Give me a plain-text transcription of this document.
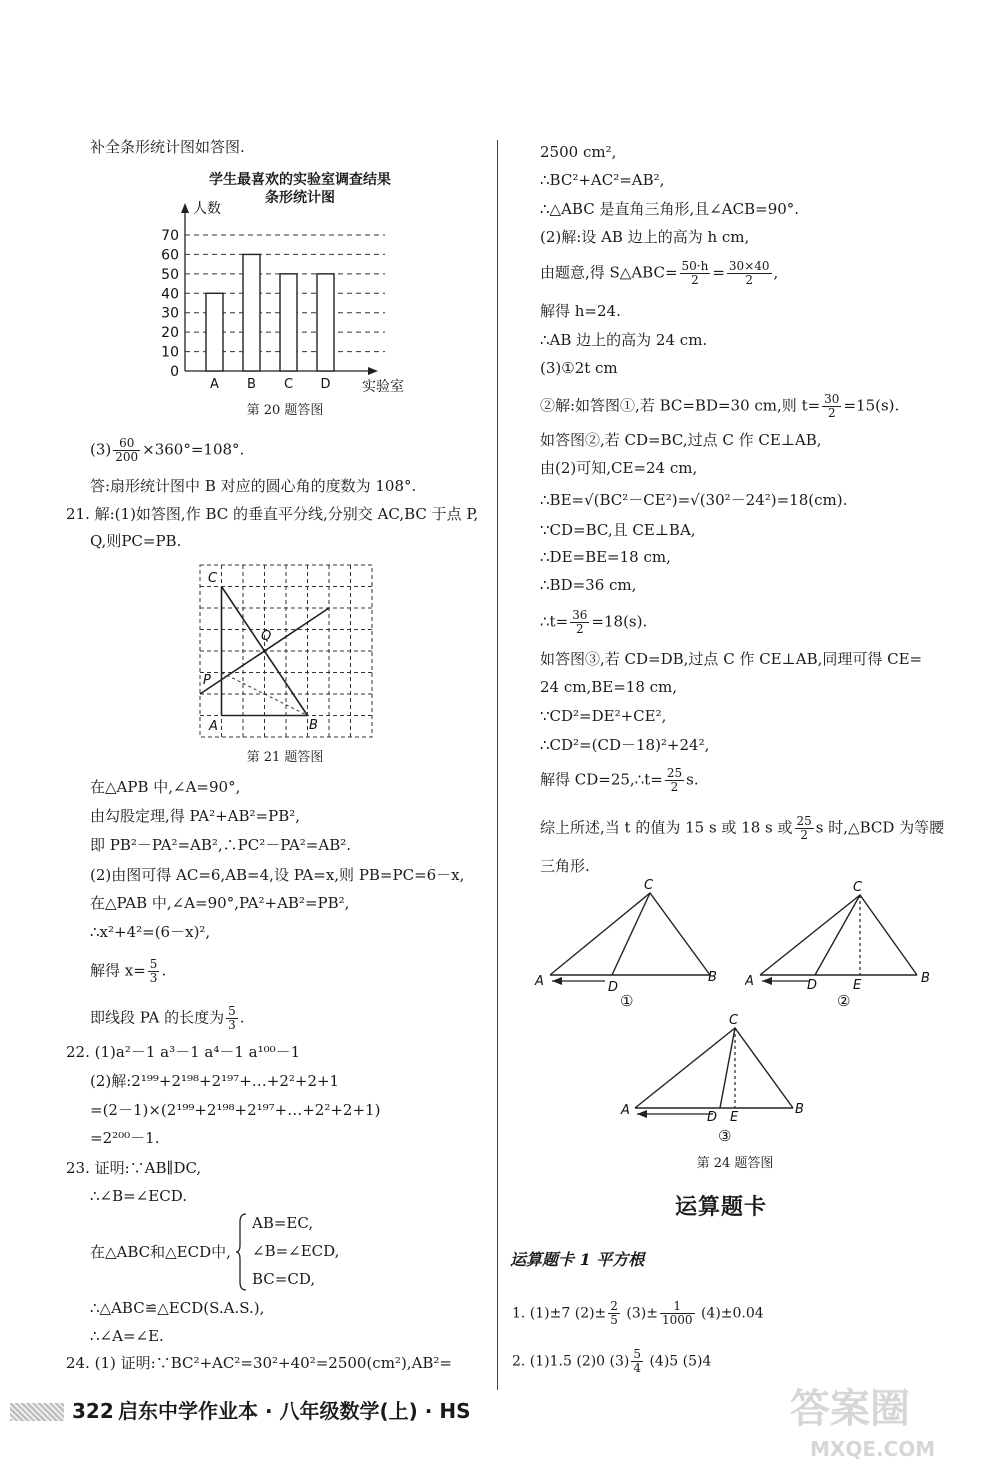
补全条形统计图如答图.
学生最喜欢的实验室调查结果
条形统计图
0
10
20
30
40
50
60
70
A B C D
人数
实验室
第 20 题答图
$(3) \frac{60}{200} \times 360^\circ=108^\circ$.
答:扇形统计图中 B 对应的圆心角的度数为 108°.
21. 解:(1)如答图,作 BC 的垂直平分线,分别交 AC,BC 于点 P,
Q,则PC=PB.
C
Q
P
A	B
第 21 题答图
在△APB 中,∠A=90°,
由勾股定理,得 PA²+AB²=PB²,
即 PB²－PA²=AB²,∴PC²－PA²=AB².
(2)由图可得 AC=6,AB=4,设 PA=x,则 PB=PC=6－x,
在△PAB 中,∠A=90°,PA²+AB²=PB²,
∴x²+4²=(6－x)²,
解得 $x= \frac{5}{3}$ .
即线段 PA 的长度为 $\frac{5}{3}$ .
22. (1)a²－1 a³－1 a⁴－1 a¹⁰⁰－1
(2)解:2¹⁹⁹+2¹⁹⁸+2¹⁹⁷+…+2²+2+1
=(2－1)×(2¹⁹⁹+2¹⁹⁸+2¹⁹⁷+…+2²+2+1)
=2²⁰⁰－1.
23. 证明:∵AB∥DC,
∴∠B=∠ECD.
在△ABC和△ECD中,
AB=EC,
∠B=∠ECD,
BC=CD,
∴△ABC≌△ECD(S.A.S.),
∴∠A=∠E.
24. (1) 证明:∵BC²+AC²=30²+40²=2500(cm²),AB²=
2500 cm²,
∴BC²+AC²=AB²,
∴△ABC 是直角三角形,且∠ACB=90°.
(2)解:设 AB 边上的高为 h cm,
由题意,得 S△ABC= $\frac{50\cdot h}{2} = \frac{30\times 40}{2}$ ,
解得 h=24.
∴AB 边上的高为 24 cm.
(3)①2t cm
②解:如答图①,若 BC=BD=30 cm,则 $t= \frac{30}{2} =15(s)$.
如答图②,若 CD=BC,过点 C 作 CE⊥AB,
由(2)可知,CE=24 cm,
∴BE=√(BC²－CE²)=√(30²－24²)=18(cm).
∵CD=BC,且 CE⊥BA,
∴DE=BE=18 cm,
∴BD=36 cm,
∴t= $\frac{36}{2} =18(s)$.
如答图③,若 CD=DB,过点 C 作 CE⊥AB,同理可得 CE=
24 cm,BE=18 cm,
∵CD²=DE²+CE²,
∴CD²=(CD－18)²+24²,
解得 CD=25,∴t= $\frac{25}{2} s$.
综上所述,当 t 的值为 15 s 或 18 s 或 $\frac{25}{2}$ s 时,△BCD 为等腰
三角形.
C
A	D
B
①
C
A	D	E	B
②
C
A	D E
B
③
第 24 题答图
运算题卡
运算题卡 1 平方根
1. (1)±7 $(2)\pm \frac{2}{5} (3)\pm \frac{1}{1000} (4)\pm 0.04$
2. (1)1.5 (2)0 $(3) \frac{5}{4} (4)5$ (5)4
322 启东中学作业本 · 八年级数学(上) · HS	答案圈
MXQE.COM
